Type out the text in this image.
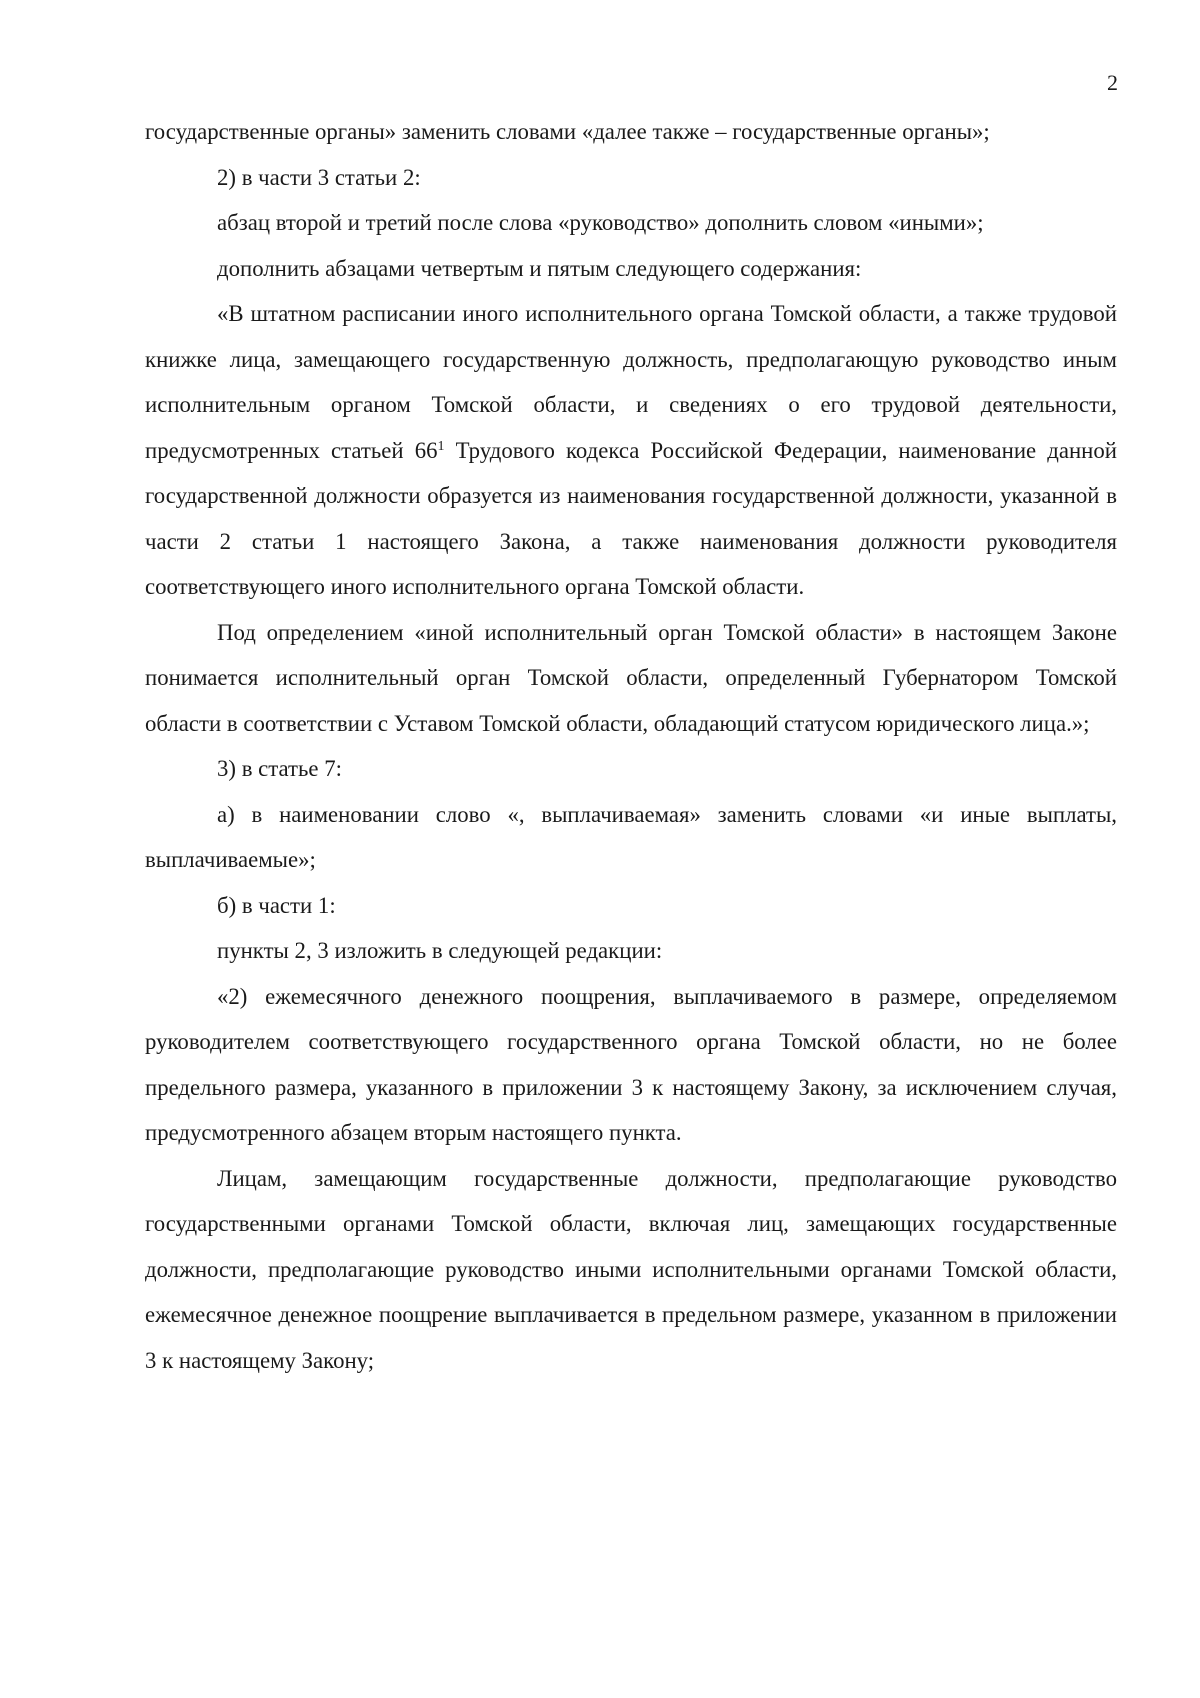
2

государственные органы» заменить словами «далее также – государственные органы»;

2) в части 3 статьи 2:

абзац второй и третий после слова «руководство» дополнить словом «иными»;

дополнить абзацами четвертым и пятым следующего содержания:

«В штатном расписании иного исполнительного органа Томской области, а также трудовой книжке лица, замещающего государственную должность, предполагающую руководство иным исполнительным органом Томской области, и сведениях о его трудовой деятельности, предусмотренных статьей $66^1$ Трудового кодекса Российской Федерации, наименование данной государственной должности образуется из наименования государственной должности, указанной в части 2 статьи 1 настоящего Закона, а также наименования должности руководителя соответствующего иного исполнительного органа Томской области.

Под определением «иной исполнительный орган Томской области» в настоящем Законе понимается исполнительный орган Томской области, определенный Губернатором Томской области в соответствии с Уставом Томской области, обладающий статусом юридического лица.»;

3) в статье 7:

а) в наименовании слово «, выплачиваемая» заменить словами «и иные выплаты, выплачиваемые»;

б) в части 1:

пункты 2, 3 изложить в следующей редакции:

«2) ежемесячного денежного поощрения, выплачиваемого в размере, определяемом руководителем соответствующего государственного органа Томской области, но не более предельного размера, указанного в приложении 3 к настоящему Закону, за исключением случая, предусмотренного абзацем вторым настоящего пункта.

Лицам, замещающим государственные должности, предполагающие руководство государственными органами Томской области, включая лиц, замещающих государственные должности, предполагающие руководство иными исполнительными органами Томской области, ежемесячное денежное поощрение выплачивается в предельном размере, указанном в приложении 3 к настоящему Закону;
